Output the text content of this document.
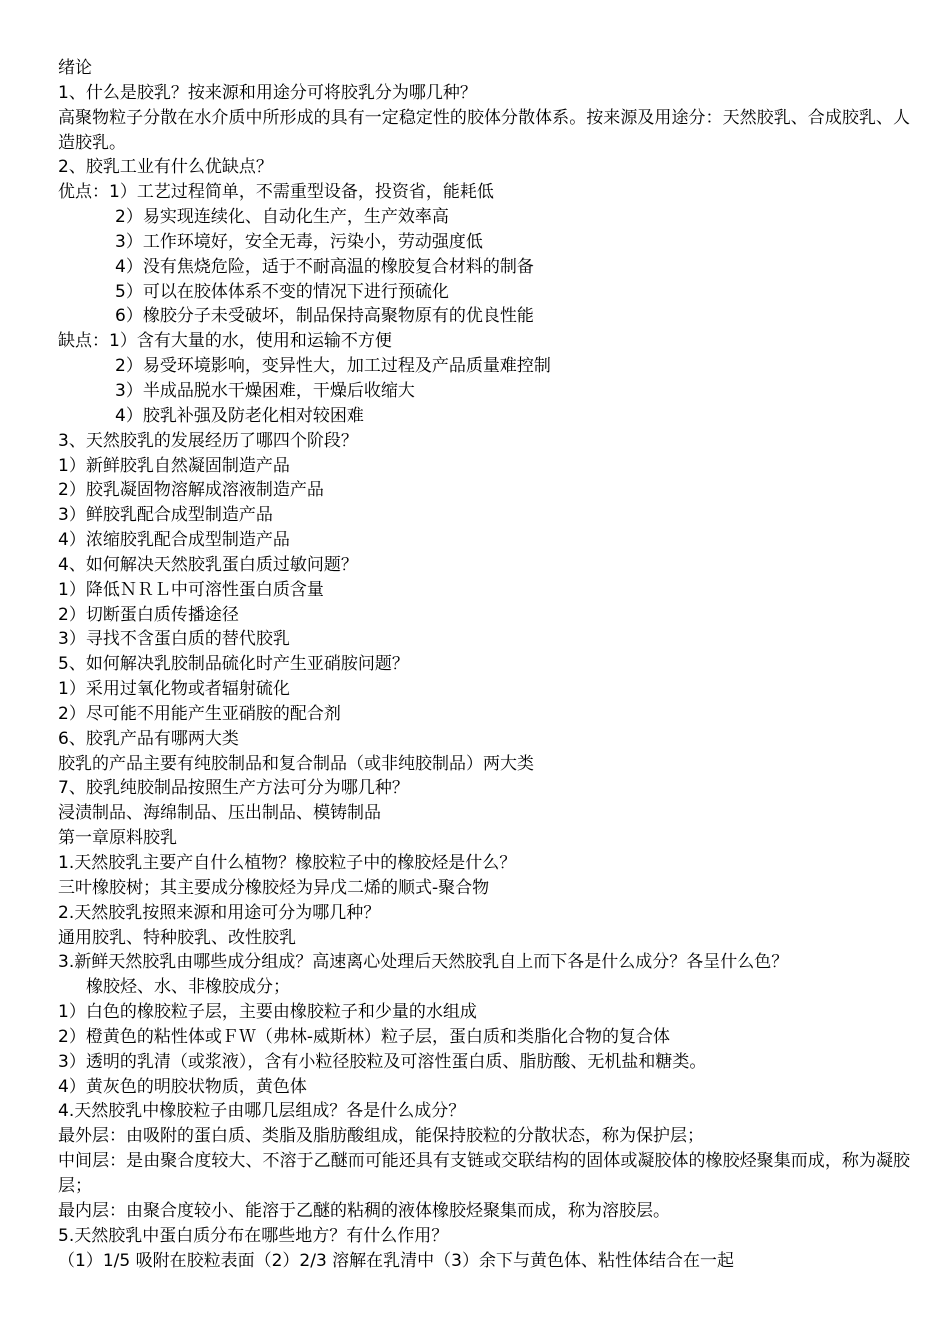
绪论
1、什么是胶乳？按来源和用途分可将胶乳分为哪几种？
高聚物粒子分散在水介质中所形成的具有一定稳定性的胶体分散体系。按来源及用途分：天然胶乳、合成胶乳、人造胶乳。
2、胶乳工业有什么优缺点？
优点：1）工艺过程简单，不需重型设备，投资省，能耗低
2）易实现连续化、自动化生产，生产效率高
3）工作环境好，安全无毒，污染小，劳动强度低
4）没有焦烧危险，适于不耐高温的橡胶复合材料的制备
5）可以在胶体体系不变的情况下进行预硫化
6）橡胶分子未受破坏，制品保持高聚物原有的优良性能
缺点：1）含有大量的水，使用和运输不方便
2）易受环境影响，变异性大，加工过程及产品质量难控制
3）半成品脱水干燥困难，干燥后收缩大
4）胶乳补强及防老化相对较困难
3、天然胶乳的发展经历了哪四个阶段？
1）新鲜胶乳自然凝固制造产品
2）胶乳凝固物溶解成溶液制造产品
3）鲜胶乳配合成型制造产品
4）浓缩胶乳配合成型制造产品
4、如何解决天然胶乳蛋白质过敏问题？
1）降低ＮＲＬ中可溶性蛋白质含量
2）切断蛋白质传播途径
3）寻找不含蛋白质的替代胶乳
5、如何解决乳胶制品硫化时产生亚硝胺问题？
1）采用过氧化物或者辐射硫化
2）尽可能不用能产生亚硝胺的配合剂
6、胶乳产品有哪两大类
胶乳的产品主要有纯胶制品和复合制品（或非纯胶制品）两大类
7、胶乳纯胶制品按照生产方法可分为哪几种？
浸渍制品、海绵制品、压出制品、模铸制品
第一章原料胶乳
1.天然胶乳主要产自什么植物？橡胶粒子中的橡胶烃是什么？
三叶橡胶树；其主要成分橡胶烃为异戊二烯的顺式-聚合物
2.天然胶乳按照来源和用途可分为哪几种？
通用胶乳、特种胶乳、改性胶乳
3.新鲜天然胶乳由哪些成分组成？高速离心处理后天然胶乳自上而下各是什么成分？各呈什么色？
橡胶烃、水、非橡胶成分；
1）白色的橡胶粒子层，主要由橡胶粒子和少量的水组成
2）橙黄色的粘性体或ＦＷ（弗林-威斯林）粒子层，蛋白质和类脂化合物的复合体
3）透明的乳清（或浆液），含有小粒径胶粒及可溶性蛋白质、脂肪酸、无机盐和糖类。
4）黄灰色的明胶状物质，黄色体
4.天然胶乳中橡胶粒子由哪几层组成？各是什么成分？
最外层：由吸附的蛋白质、类脂及脂肪酸组成，能保持胶粒的分散状态，称为保护层；
中间层：是由聚合度较大、不溶于乙醚而可能还具有支链或交联结构的固体或凝胶体的橡胶烃聚集而成，称为凝胶层；
最内层：由聚合度较小、能溶于乙醚的粘稠的液体橡胶烃聚集而成，称为溶胶层。
5.天然胶乳中蛋白质分布在哪些地方？有什么作用？
（1）1/5 吸附在胶粒表面（2）2/3 溶解在乳清中（3）余下与黄色体、粘性体结合在一起
